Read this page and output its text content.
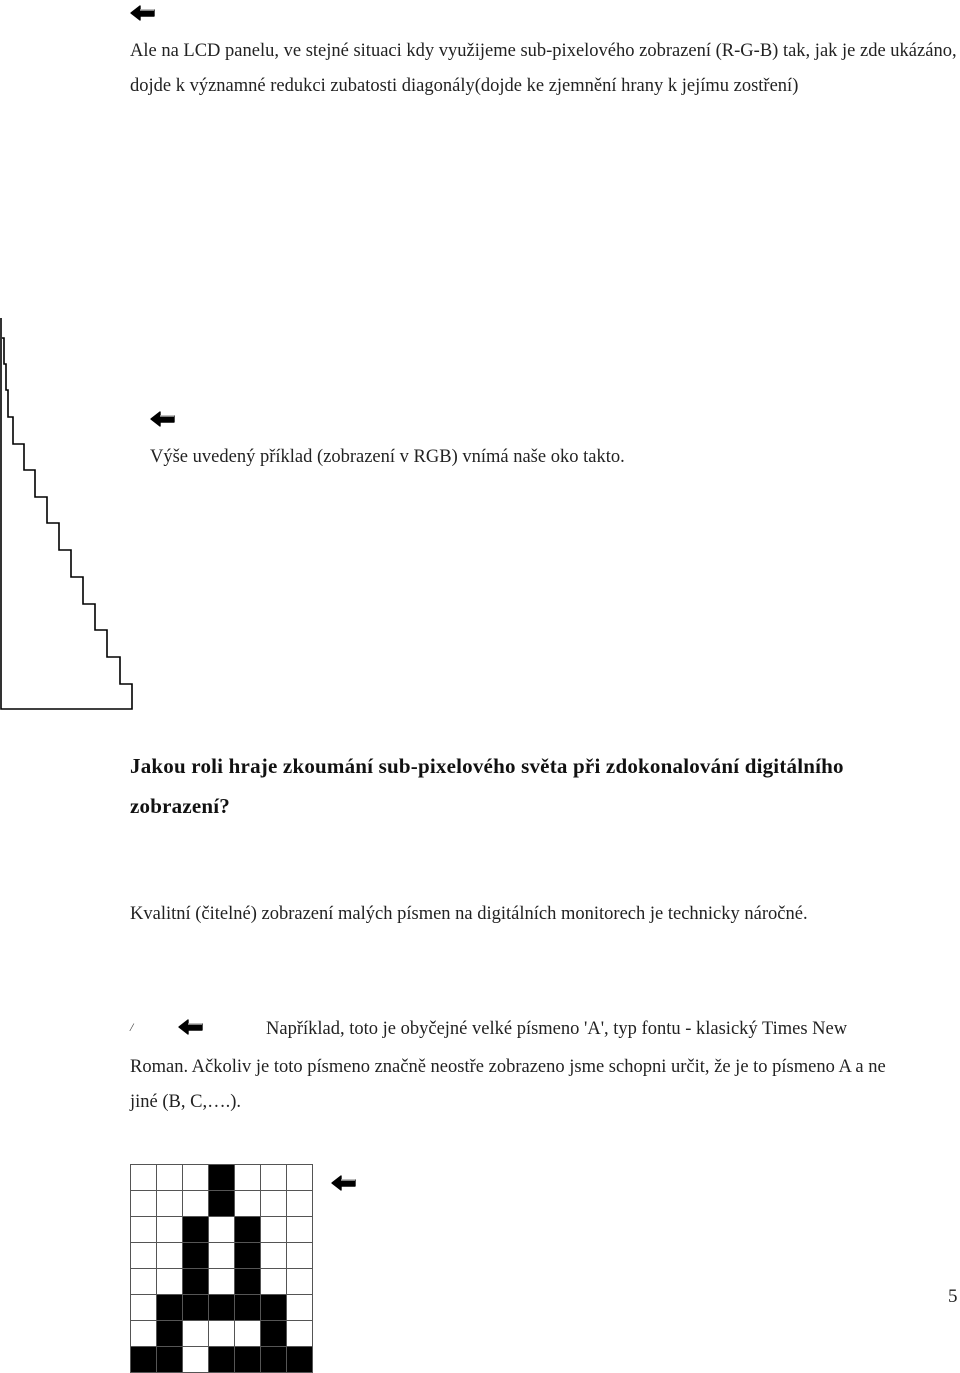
Ale na LCD panelu, ve stejné situaci kdy využijeme sub-pixelového zobrazení (R-G-B) tak, jak je zde ukázáno, dojde k významné redukci zubatosti diagonály(dojde ke zjemnění hrany k jejímu zostření)
Výše uvedený příklad (zobrazení v RGB) vnímá naše oko takto.
Jakou roli hraje zkoumání sub-pixelového světa při zdokonalování digitálního zobrazení?
Kvalitní (čitelné) zobrazení malých písmen na digitálních monitorech je technicky náročné.
/	Například, toto je obyčejné velké písmeno 'A', typ fontu - klasický Times New
Roman. Ačkoliv je toto písmeno značně neostře zobrazeno jsme schopni určit, že je to písmeno A a ne jiné (B, C,….).
5
